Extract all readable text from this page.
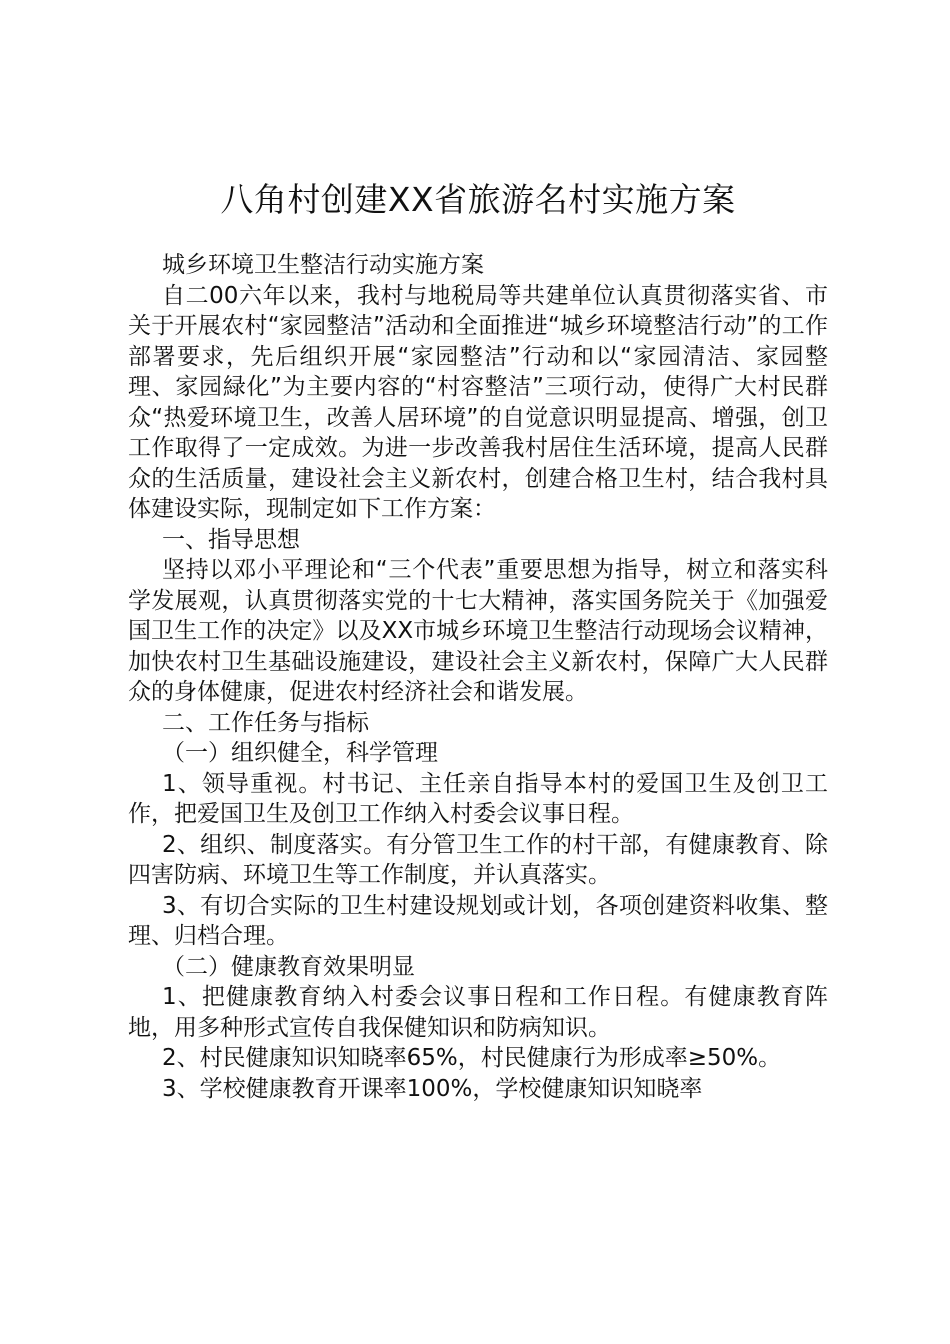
八角村创建XX省旅游名村实施方案

城乡环境卫生整洁行动实施方案

自二00六年以来，我村与地税局等共建单位认真贯彻落实省、市关于开展农村“家园整洁”活动和全面推进“城乡环境整洁行动”的工作部署要求，先后组织开展“家园整洁”行动和以“家园清洁、家园整理、家园緑化”为主要内容的“村容整洁”三项行动，使得广大村民群众“热爱环境卫生，改善人居环境”的自觉意识明显提高、增强，创卫工作取得了一定成效。为进一步改善我村居住生活环境，提高人民群众的生活质量，建设社会主义新农村，创建合格卫生村，结合我村具体建设实际，现制定如下工作方案：

一、指导思想

坚持以邓小平理论和“三个代表”重要思想为指导，树立和落实科学发展观，认真贯彻落实党的十七大精神，落实国务院关于《加强爱国卫生工作的决定》以及XX市城乡环境卫生整洁行动现场会议精神，加快农村卫生基础设施建设，建设社会主义新农村，保障广大人民群众的身体健康，促进农村经济社会和谐发展。

二、工作任务与指标

（一）组织健全，科学管理

1、领导重视。村书记、主任亲自指导本村的爱国卫生及创卫工作，把爱国卫生及创卫工作纳入村委会议事日程。

2、组织、制度落实。有分管卫生工作的村干部，有健康教育、除四害防病、环境卫生等工作制度，并认真落实。

3、有切合实际的卫生村建设规划或计划，各项创建资料收集、整理、归档合理。

（二）健康教育效果明显

1、把健康教育纳入村委会议事日程和工作日程。有健康教育阵地，用多种形式宣传自我保健知识和防病知识。

2、村民健康知识知晓率65%，村民健康行为形成率≥50%。

3、学校健康教育开课率100%，学校健康知识知晓率
